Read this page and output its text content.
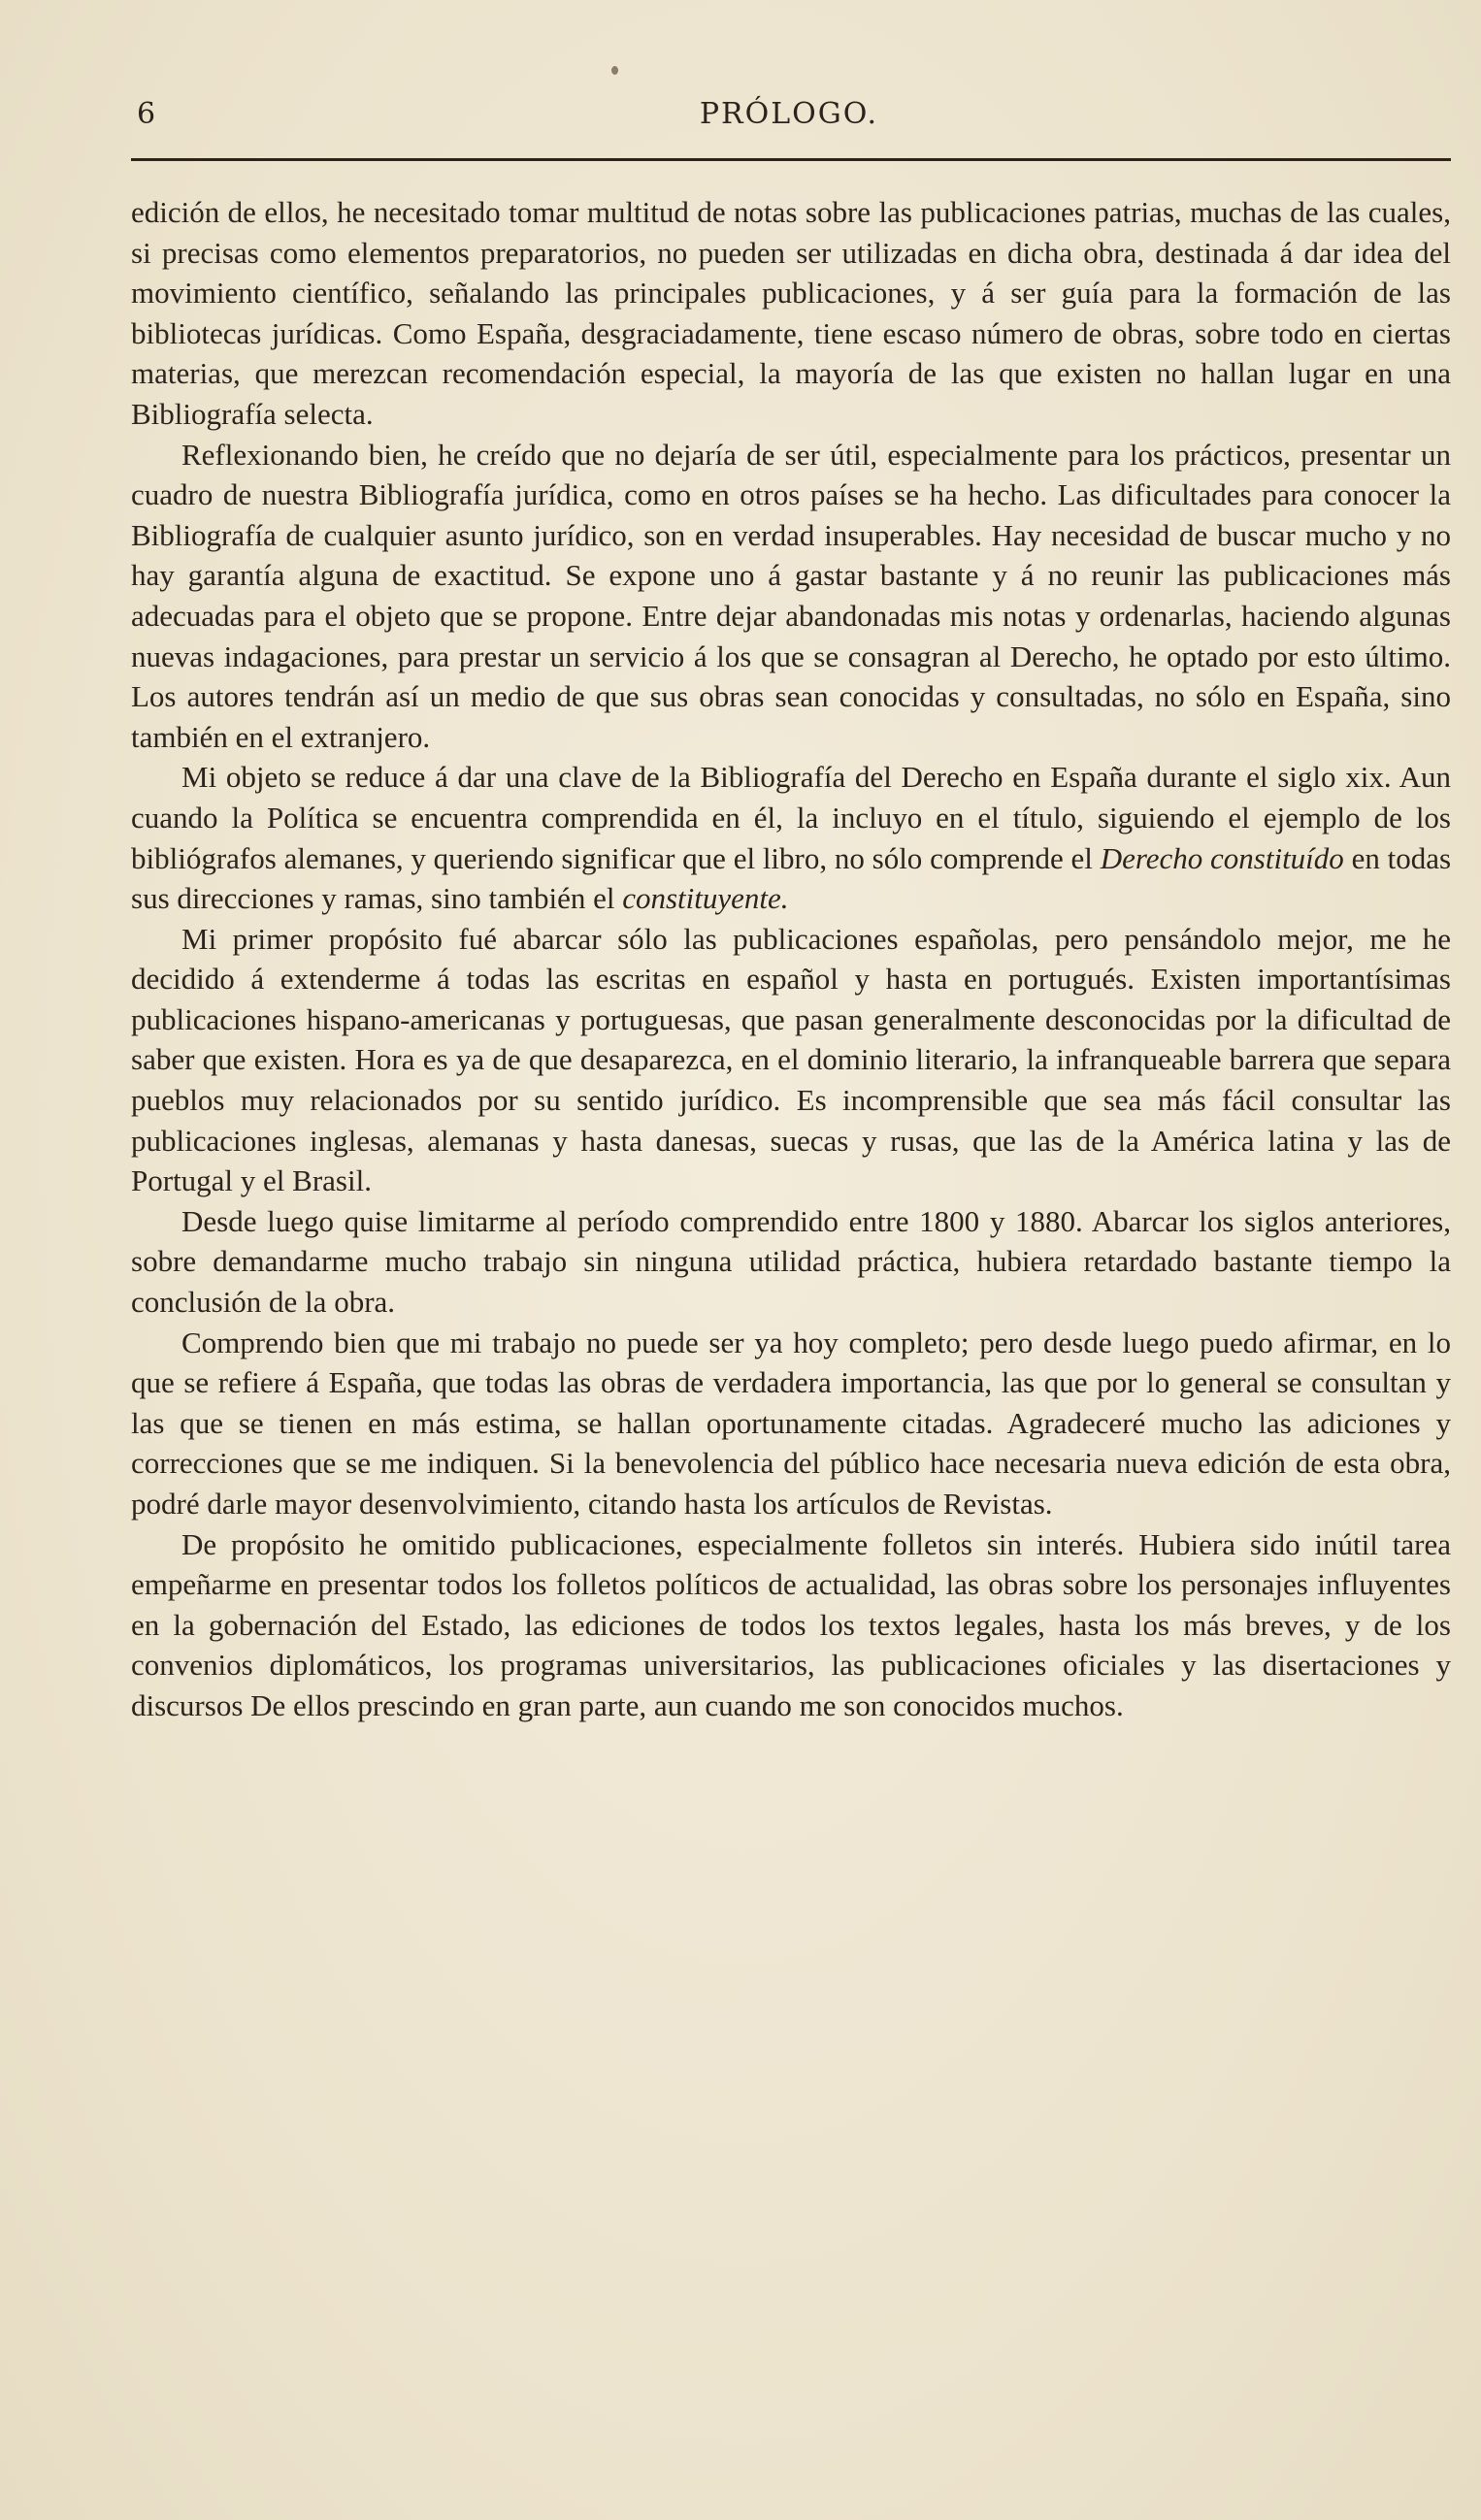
6	PRÓLOGO.

edición de ellos, he necesitado tomar multitud de notas sobre las publicaciones patrias, muchas de las cuales, si precisas como elementos preparatorios, no pueden ser utilizadas en dicha obra, destinada á dar idea del movimiento científico, señalando las principales publicaciones, y á ser guía para la formación de las bibliotecas jurídicas. Como España, desgraciadamente, tiene escaso número de obras, sobre todo en ciertas materias, que merezcan recomendación especial, la mayoría de las que existen no hallan lugar en una Bibliografía selecta.

Reflexionando bien, he creído que no dejaría de ser útil, especialmente para los prácticos, presentar un cuadro de nuestra Bibliografía jurídica, como en otros países se ha hecho. Las dificultades para conocer la Bibliografía de cualquier asunto jurídico, son en verdad insuperables. Hay necesidad de buscar mucho y no hay garantía alguna de exactitud. Se expone uno á gastar bastante y á no reunir las publicaciones más adecuadas para el objeto que se propone. Entre dejar abandonadas mis notas y ordenarlas, haciendo algunas nuevas indagaciones, para prestar un servicio á los que se consagran al Derecho, he optado por esto último. Los autores tendrán así un medio de que sus obras sean conocidas y consultadas, no sólo en España, sino también en el extranjero.

Mi objeto se reduce á dar una clave de la Bibliografía del Derecho en España durante el siglo xix. Aun cuando la Política se encuentra comprendida en él, la incluyo en el título, siguiendo el ejemplo de los bibliógrafos alemanes, y queriendo significar que el libro, no sólo comprende el Derecho constituído en todas sus direcciones y ramas, sino también el constituyente.

Mi primer propósito fué abarcar sólo las publicaciones españolas, pero pensándolo mejor, me he decidido á extenderme á todas las escritas en español y hasta en portugués. Existen importantísimas publicaciones hispano-americanas y portuguesas, que pasan generalmente desconocidas por la dificultad de saber que existen. Hora es ya de que desaparezca, en el dominio literario, la infranqueable barrera que separa pueblos muy relacionados por su sentido jurídico. Es incomprensible que sea más fácil consultar las publicaciones inglesas, alemanas y hasta danesas, suecas y rusas, que las de la América latina y las de Portugal y el Brasil.

Desde luego quise limitarme al período comprendido entre 1800 y 1880. Abarcar los siglos anteriores, sobre demandarme mucho trabajo sin ninguna utilidad práctica, hubiera retardado bastante tiempo la conclusión de la obra.

Comprendo bien que mi trabajo no puede ser ya hoy completo; pero desde luego puedo afirmar, en lo que se refiere á España, que todas las obras de verdadera importancia, las que por lo general se consultan y las que se tienen en más estima, se hallan oportunamente citadas. Agradeceré mucho las adiciones y correcciones que se me indiquen. Si la benevolencia del público hace necesaria nueva edición de esta obra, podré darle mayor desenvolvimiento, citando hasta los artículos de Revistas.

De propósito he omitido publicaciones, especialmente folletos sin interés. Hubiera sido inútil tarea empeñarme en presentar todos los folletos políticos de actualidad, las obras sobre los personajes influyentes en la gobernación del Estado, las ediciones de todos los textos legales, hasta los más breves, y de los convenios diplomáticos, los programas universitarios, las publicaciones oficiales y las disertaciones y discursos De ellos prescindo en gran parte, aun cuando me son conocidos muchos.
